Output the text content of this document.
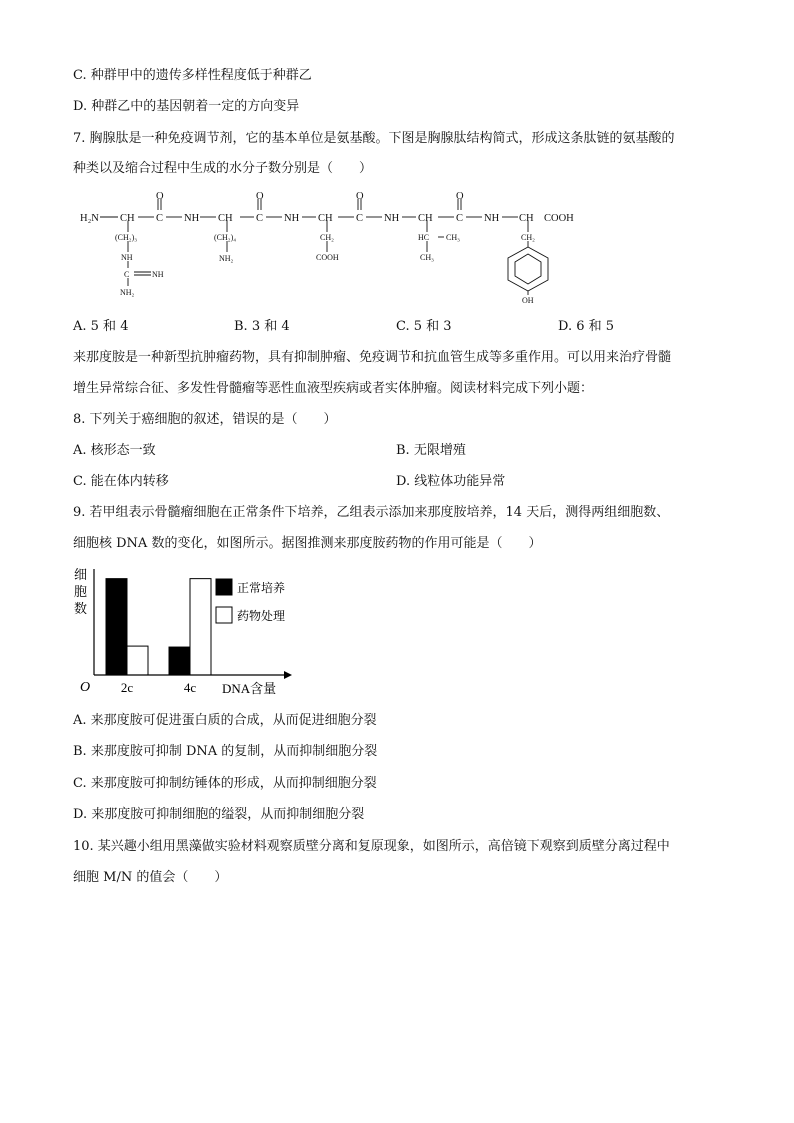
C. 种群甲中的遗传多样性程度低于种群乙
D. 种群乙中的基因朝着一定的方向变异
7. 胸腺肽是一种免疫调节剂，它的基本单位是氨基酸。下图是胸腺肽结构简式，形成这条肽链的氨基酸的
种类以及缩合过程中生成的水分子数分别是（　　）
H₂N CH C NH CH C NH CH C NH CH C NH CH COOH
O	O	O	O
(CH₂)₃
NH
C	NH
NH₂
(CH₂)₄
NH₂
CH₂
COOH
HC CH₃
CH₃
CH₂
OH
A. 5 和 4	B. 3 和 4	C. 5 和 3	D. 6 和 5
来那度胺是一种新型抗肿瘤药物，具有抑制肿瘤、免疫调节和抗血管生成等多重作用。可以用来治疗骨髓
增生异常综合征、多发性骨髓瘤等恶性血液型疾病或者实体肿瘤。阅读材料完成下列小题：
8. 下列关于癌细胞的叙述，错误的是（　　）
A. 核形态一致	B. 无限增殖
C. 能在体内转移	D. 线粒体功能异常
9. 若甲组表示骨髓瘤细胞在正常条件下培养，乙组表示添加来那度胺培养，14 天后，测得两组细胞数、
细胞核 DNA 数的变化，如图所示。据图推测来那度胺药物的作用可能是（　　）
细
胞
数
O 2c	4c DNA含量
正常培养
药物处理
A. 来那度胺可促进蛋白质的合成，从而促进细胞分裂
B. 来那度胺可抑制 DNA 的复制，从而抑制细胞分裂
C. 来那度胺可抑制纺锤体的形成，从而抑制细胞分裂
D. 来那度胺可抑制细胞的缢裂，从而抑制细胞分裂
10. 某兴趣小组用黑藻做实验材料观察质壁分离和复原现象，如图所示，高倍镜下观察到质壁分离过程中
细胞 M/N 的值会（　　）
